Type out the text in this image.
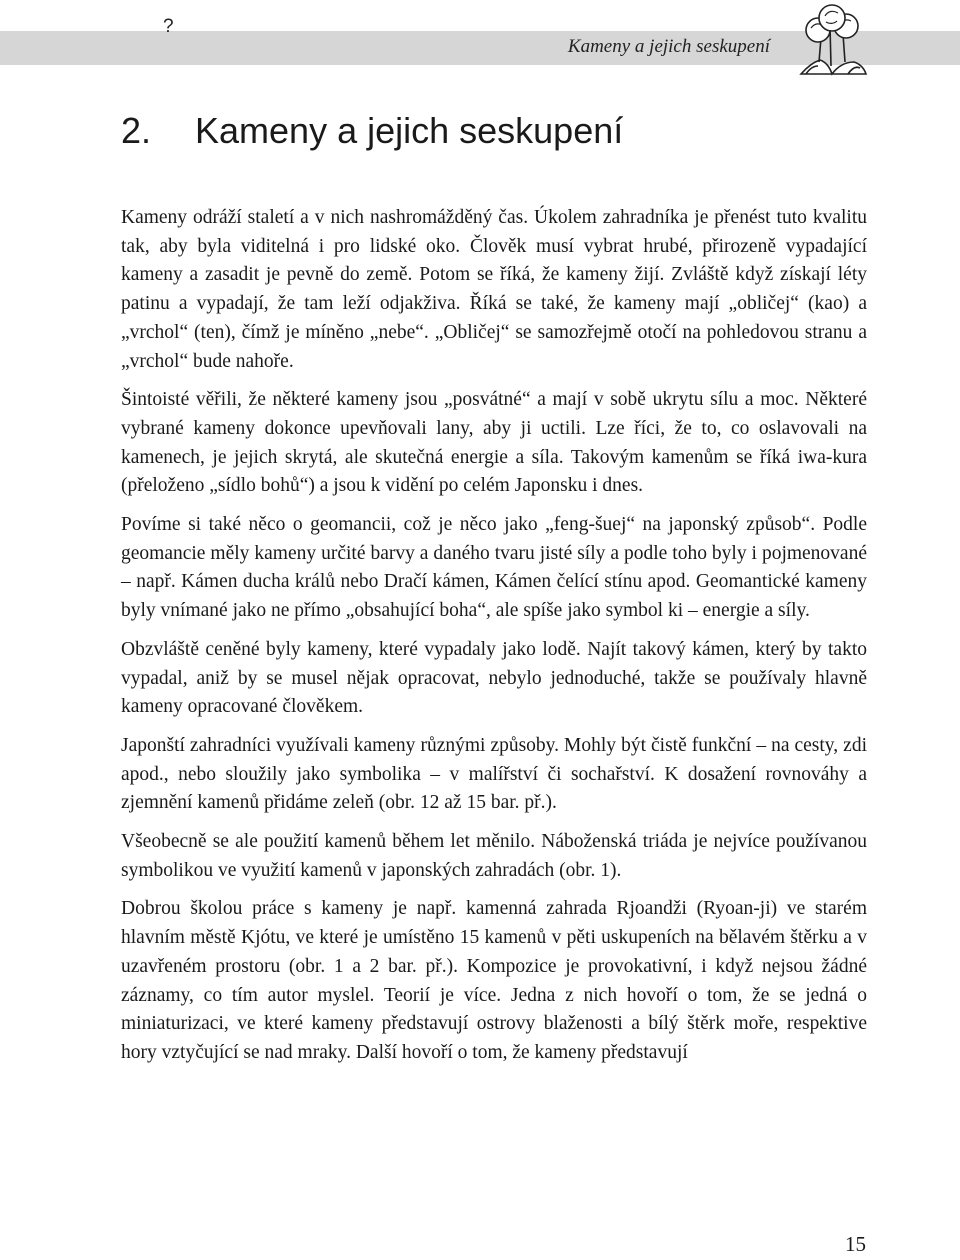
?
Kameny a jejich seskupení
2. Kameny a jejich seskupení

Kameny odráží staletí a v nich nashromážděný čas. Úkolem zahradníka je přenést tuto kvalitu tak, aby byla viditelná i pro lidské oko. Člověk musí vybrat hrubé, přirozeně vypadající kameny a zasadit je pevně do země. Potom se říká, že kameny žijí. Zvláště když získají léty patinu a vypadají, že tam leží odjakživa. Říká se také, že kameny mají „obličej“ (kao) a „vrchol“ (ten), čímž je míněno „nebe“. „Obličej“ se samozřejmě otočí na pohledovou stranu a „vrchol“ bude nahoře.

Šintoisté věřili, že některé kameny jsou „posvátné“ a mají v sobě ukrytu sílu a moc. Některé vybrané kameny dokonce upevňovali lany, aby ji uctili. Lze říci, že to, co oslavovali na kamenech, je jejich skrytá, ale skutečná energie a síla. Takovým kamenům se říká iwa-kura (přeloženo „sídlo bohů“) a jsou k vidění po celém Japonsku i dnes.

Povíme si také něco o geomancii, což je něco jako „feng-šuej“ na japonský způsob“. Podle geomancie měly kameny určité barvy a daného tvaru jisté síly a podle toho byly i pojmenované – např. Kámen ducha králů nebo Dračí kámen, Kámen čelící stínu apod. Geomantické kameny byly vnímané jako ne přímo „obsahující boha“, ale spíše jako symbol ki – energie a síly.

Obzvláště ceněné byly kameny, které vypadaly jako lodě. Najít takový kámen, který by takto vypadal, aniž by se musel nějak opracovat, nebylo jednoduché, takže se používaly hlavně kameny opracované člověkem.

Japonští zahradníci využívali kameny různými způsoby. Mohly být čistě funkční – na cesty, zdi apod., nebo sloužily jako symbolika – v malířství či sochařství. K dosažení rovnováhy a zjemnění kamenů přidáme zeleň (obr. 12 až 15 bar. př.).

Všeobecně se ale použití kamenů během let měnilo. Náboženská triáda je nejvíce používanou symbolikou ve využití kamenů v japonských zahradách (obr. 1).

Dobrou školou práce s kameny je např. kamenná zahrada Rjoandži (Ryoan-ji) ve starém hlavním městě Kjótu, ve které je umístěno 15 kamenů v pěti uskupeních na bělavém štěrku a v uzavřeném prostoru (obr. 1 a 2 bar. př.). Kompozice je provokativní, i když nejsou žádné záznamy, co tím autor myslel. Teorií je více. Jedna z nich hovoří o tom, že se jedná o miniaturizaci, ve které kameny představují ostrovy blaženosti a bílý štěrk moře, respektive hory vztyčující se nad mraky. Další hovoří o tom, že kameny představují

15
